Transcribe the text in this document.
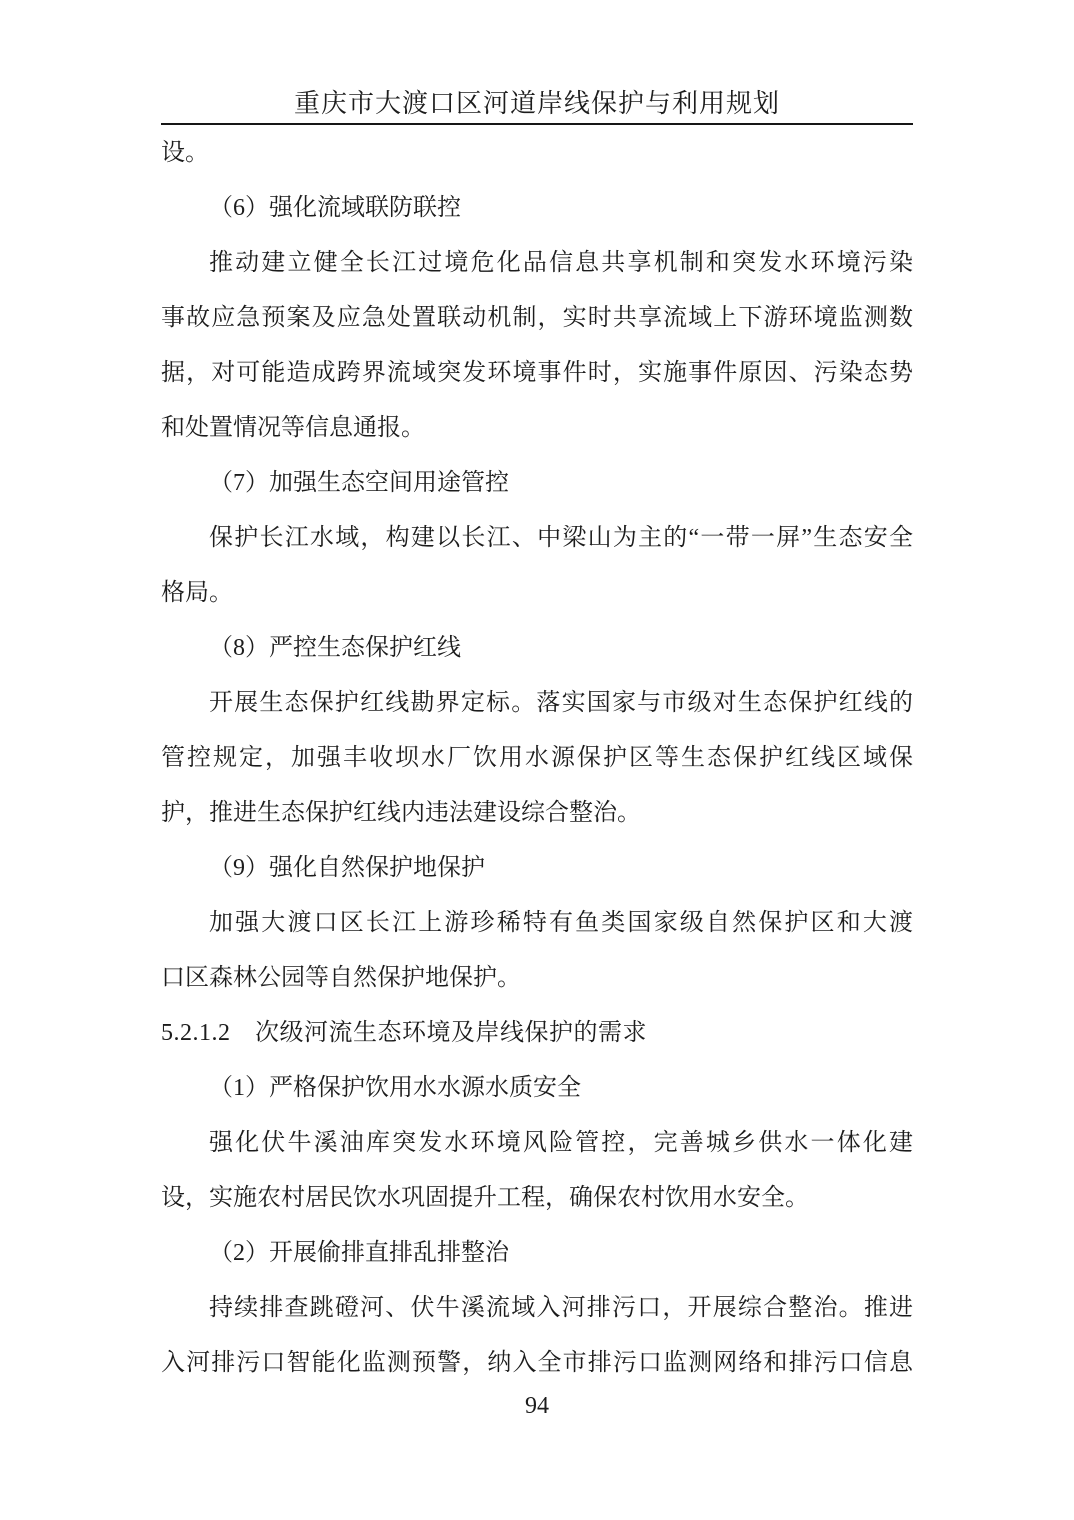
重庆市大渡口区河道岸线保护与利用规划
设。
（6）强化流域联防联控
推动建立健全长江过境危化品信息共享机制和突发水环境污染
事故应急预案及应急处置联动机制，实时共享流域上下游环境监测数
据，对可能造成跨界流域突发环境事件时，实施事件原因、污染态势
和处置情况等信息通报。
（7）加强生态空间用途管控
保护长江水域，构建以长江、中梁山为主的“一带一屏”生态安全
格局。
（8）严控生态保护红线
开展生态保护红线勘界定标。落实国家与市级对生态保护红线的
管控规定，加强丰收坝水厂饮用水源保护区等生态保护红线区域保
护，推进生态保护红线内违法建设综合整治。
（9）强化自然保护地保护
加强大渡口区长江上游珍稀特有鱼类国家级自然保护区和大渡
口区森林公园等自然保护地保护。
5.2.1.2　次级河流生态环境及岸线保护的需求
（1）严格保护饮用水水源水质安全
强化伏牛溪油库突发水环境风险管控，完善城乡供水一体化建
设，实施农村居民饮水巩固提升工程，确保农村饮用水安全。
（2）开展偷排直排乱排整治
持续排查跳磴河、伏牛溪流域入河排污口，开展综合整治。推进
入河排污口智能化监测预警，纳入全市排污口监测网络和排污口信息
94
